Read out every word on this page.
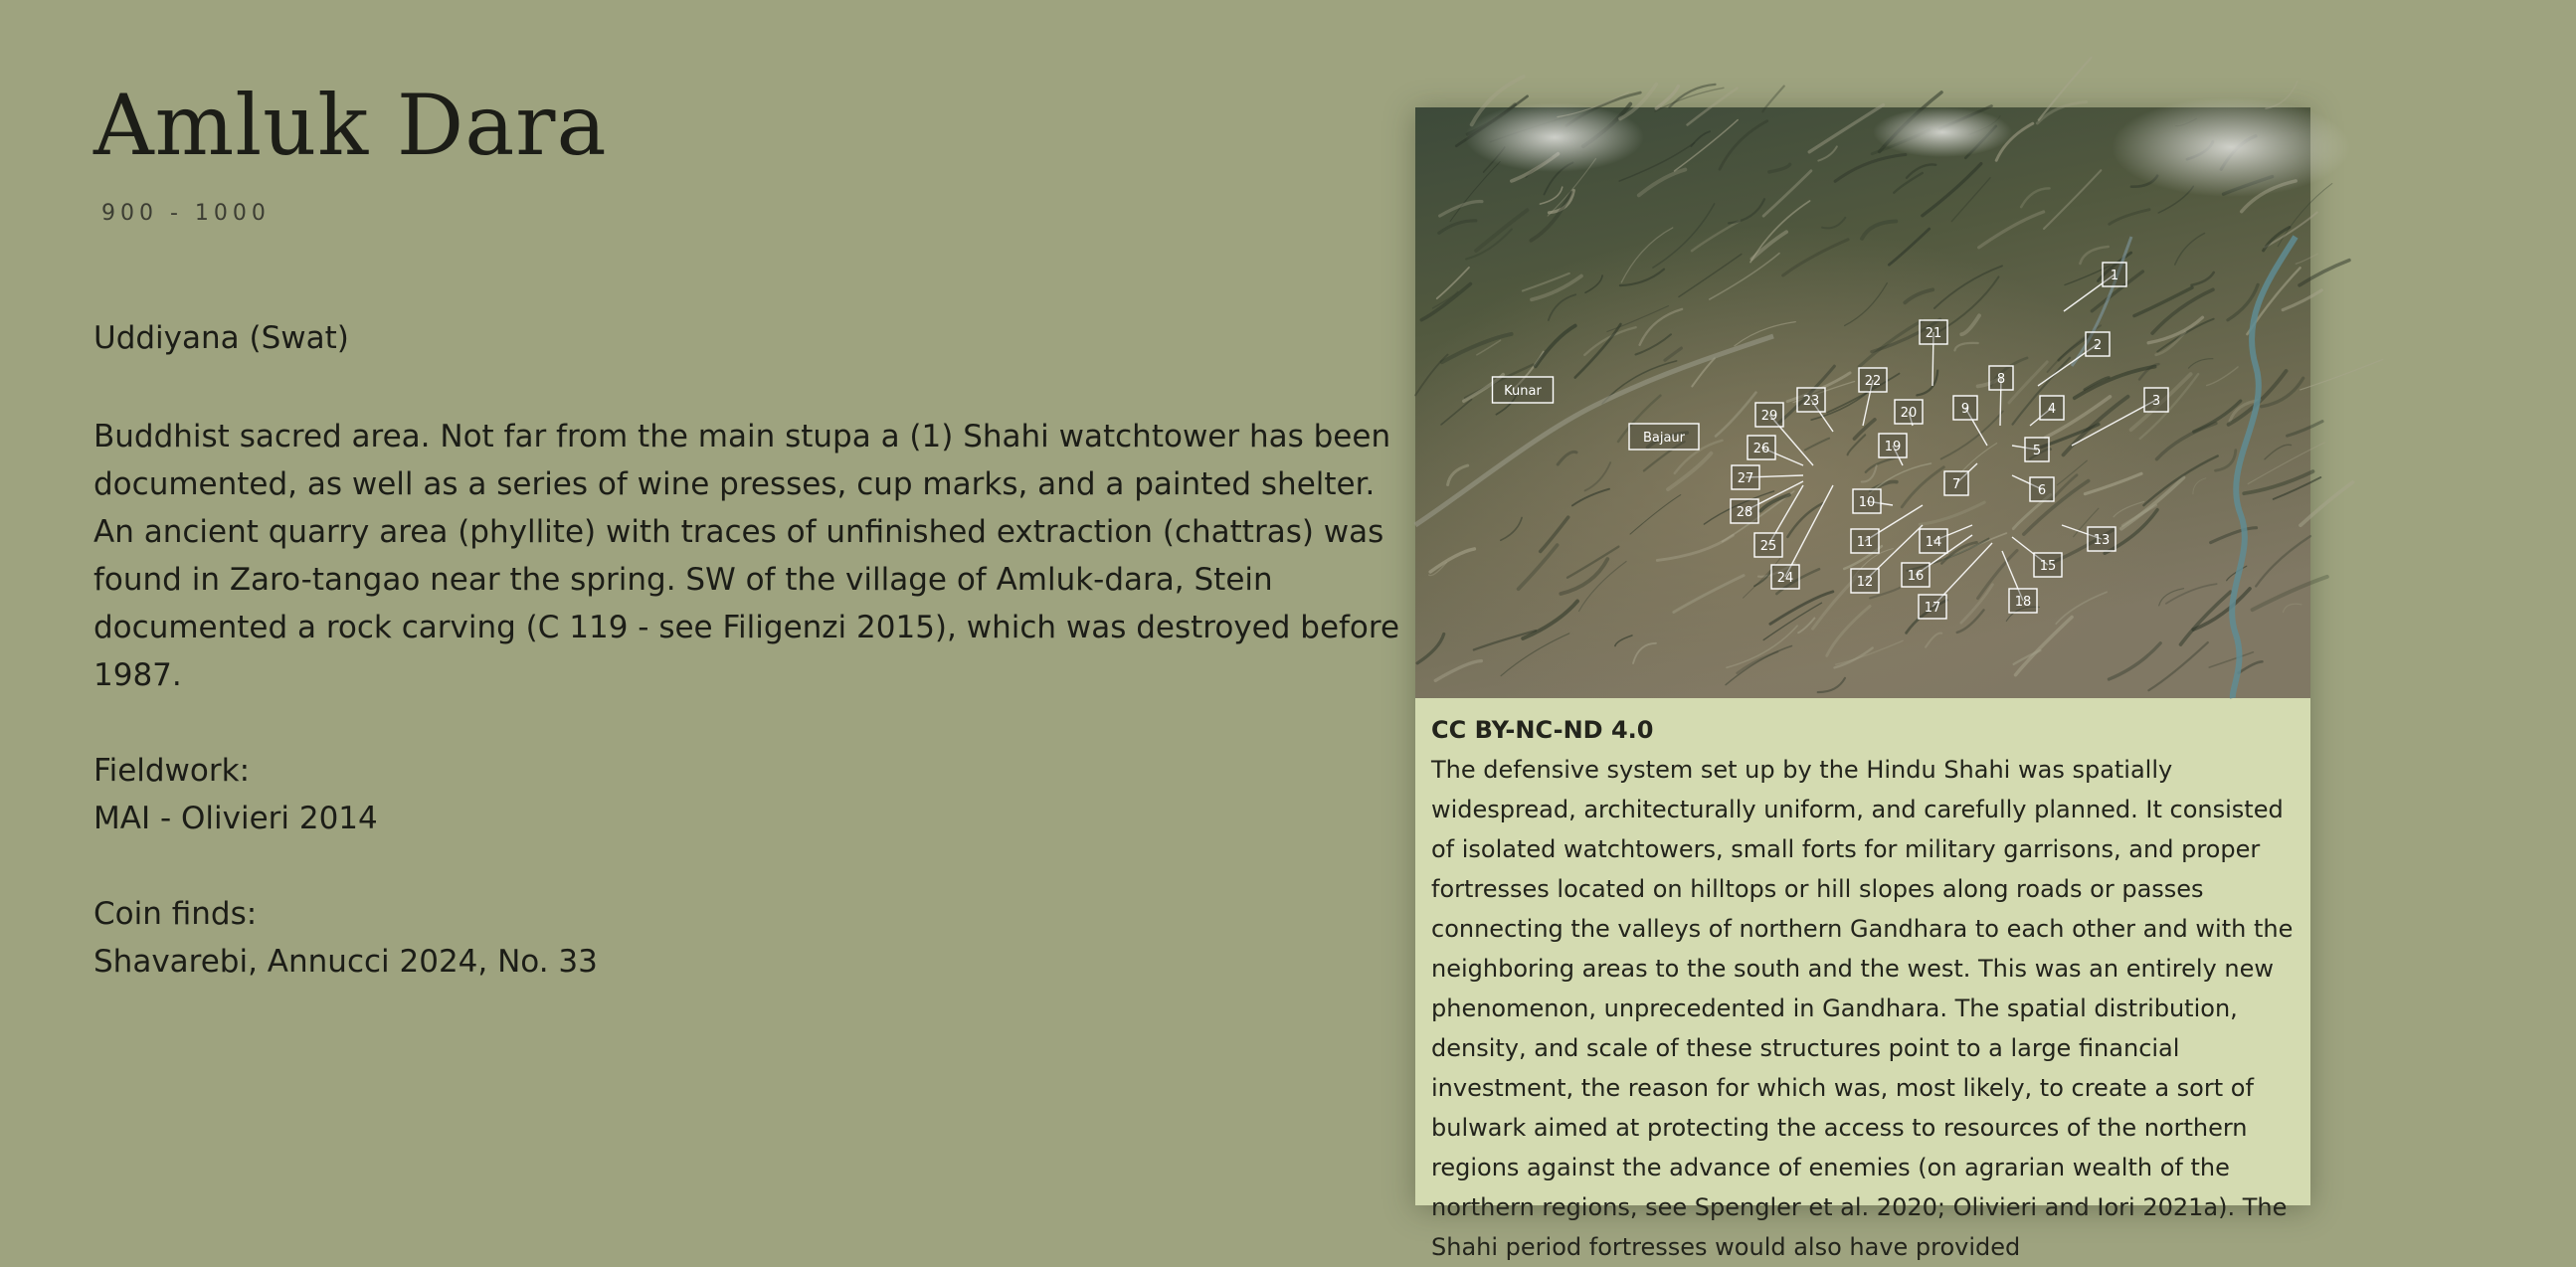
Amluk Dara
900 - 1000
Uddiyana (Swat)
Buddhist sacred area. Not far from the main stupa a (1) Shahi watchtower has been documented, as well as a series of wine presses, cup marks, and a painted shelter. An ancient quarry area (phyllite) with traces of unfinished extraction (chattras) was found in Zaro-tangao near the spring. SW of the village of Amluk-dara, Stein documented a rock carving (C 119 - see Filigenzi 2015), which was destroyed before 1987.
Fieldwork:
MAI - Olivieri 2014
Coin finds:
Shavarebi, Annucci 2024, No. 33
1
2
3
4
5
6
7
8
9
10
11
12
13
14
15
16
17	18
19
20
21
22
23
24
25
26
27
28
29
Kunar
Bajaur
CC BY-NC-ND 4.0
The defensive system set up by the Hindu Shahi was spatially widespread, architecturally uniform, and carefully planned. It consisted of isolated watchtowers, small forts for military garrisons, and proper fortresses located on hilltops or hill slopes along roads or passes connecting the valleys of northern Gandhara to each other and with the neighboring areas to the south and the west. This was an entirely new phenomenon, unprecedented in Gandhara. The spatial distribution, density, and scale of these structures point to a large financial investment, the reason for which was, most likely, to create a sort of bulwark aimed at protecting the access to resources of the northern regions against the advance of enemies (on agrarian wealth of the northern regions, see Spengler et al. 2020; Olivieri and Iori 2021a). The Shahi period fortresses would also have provided
